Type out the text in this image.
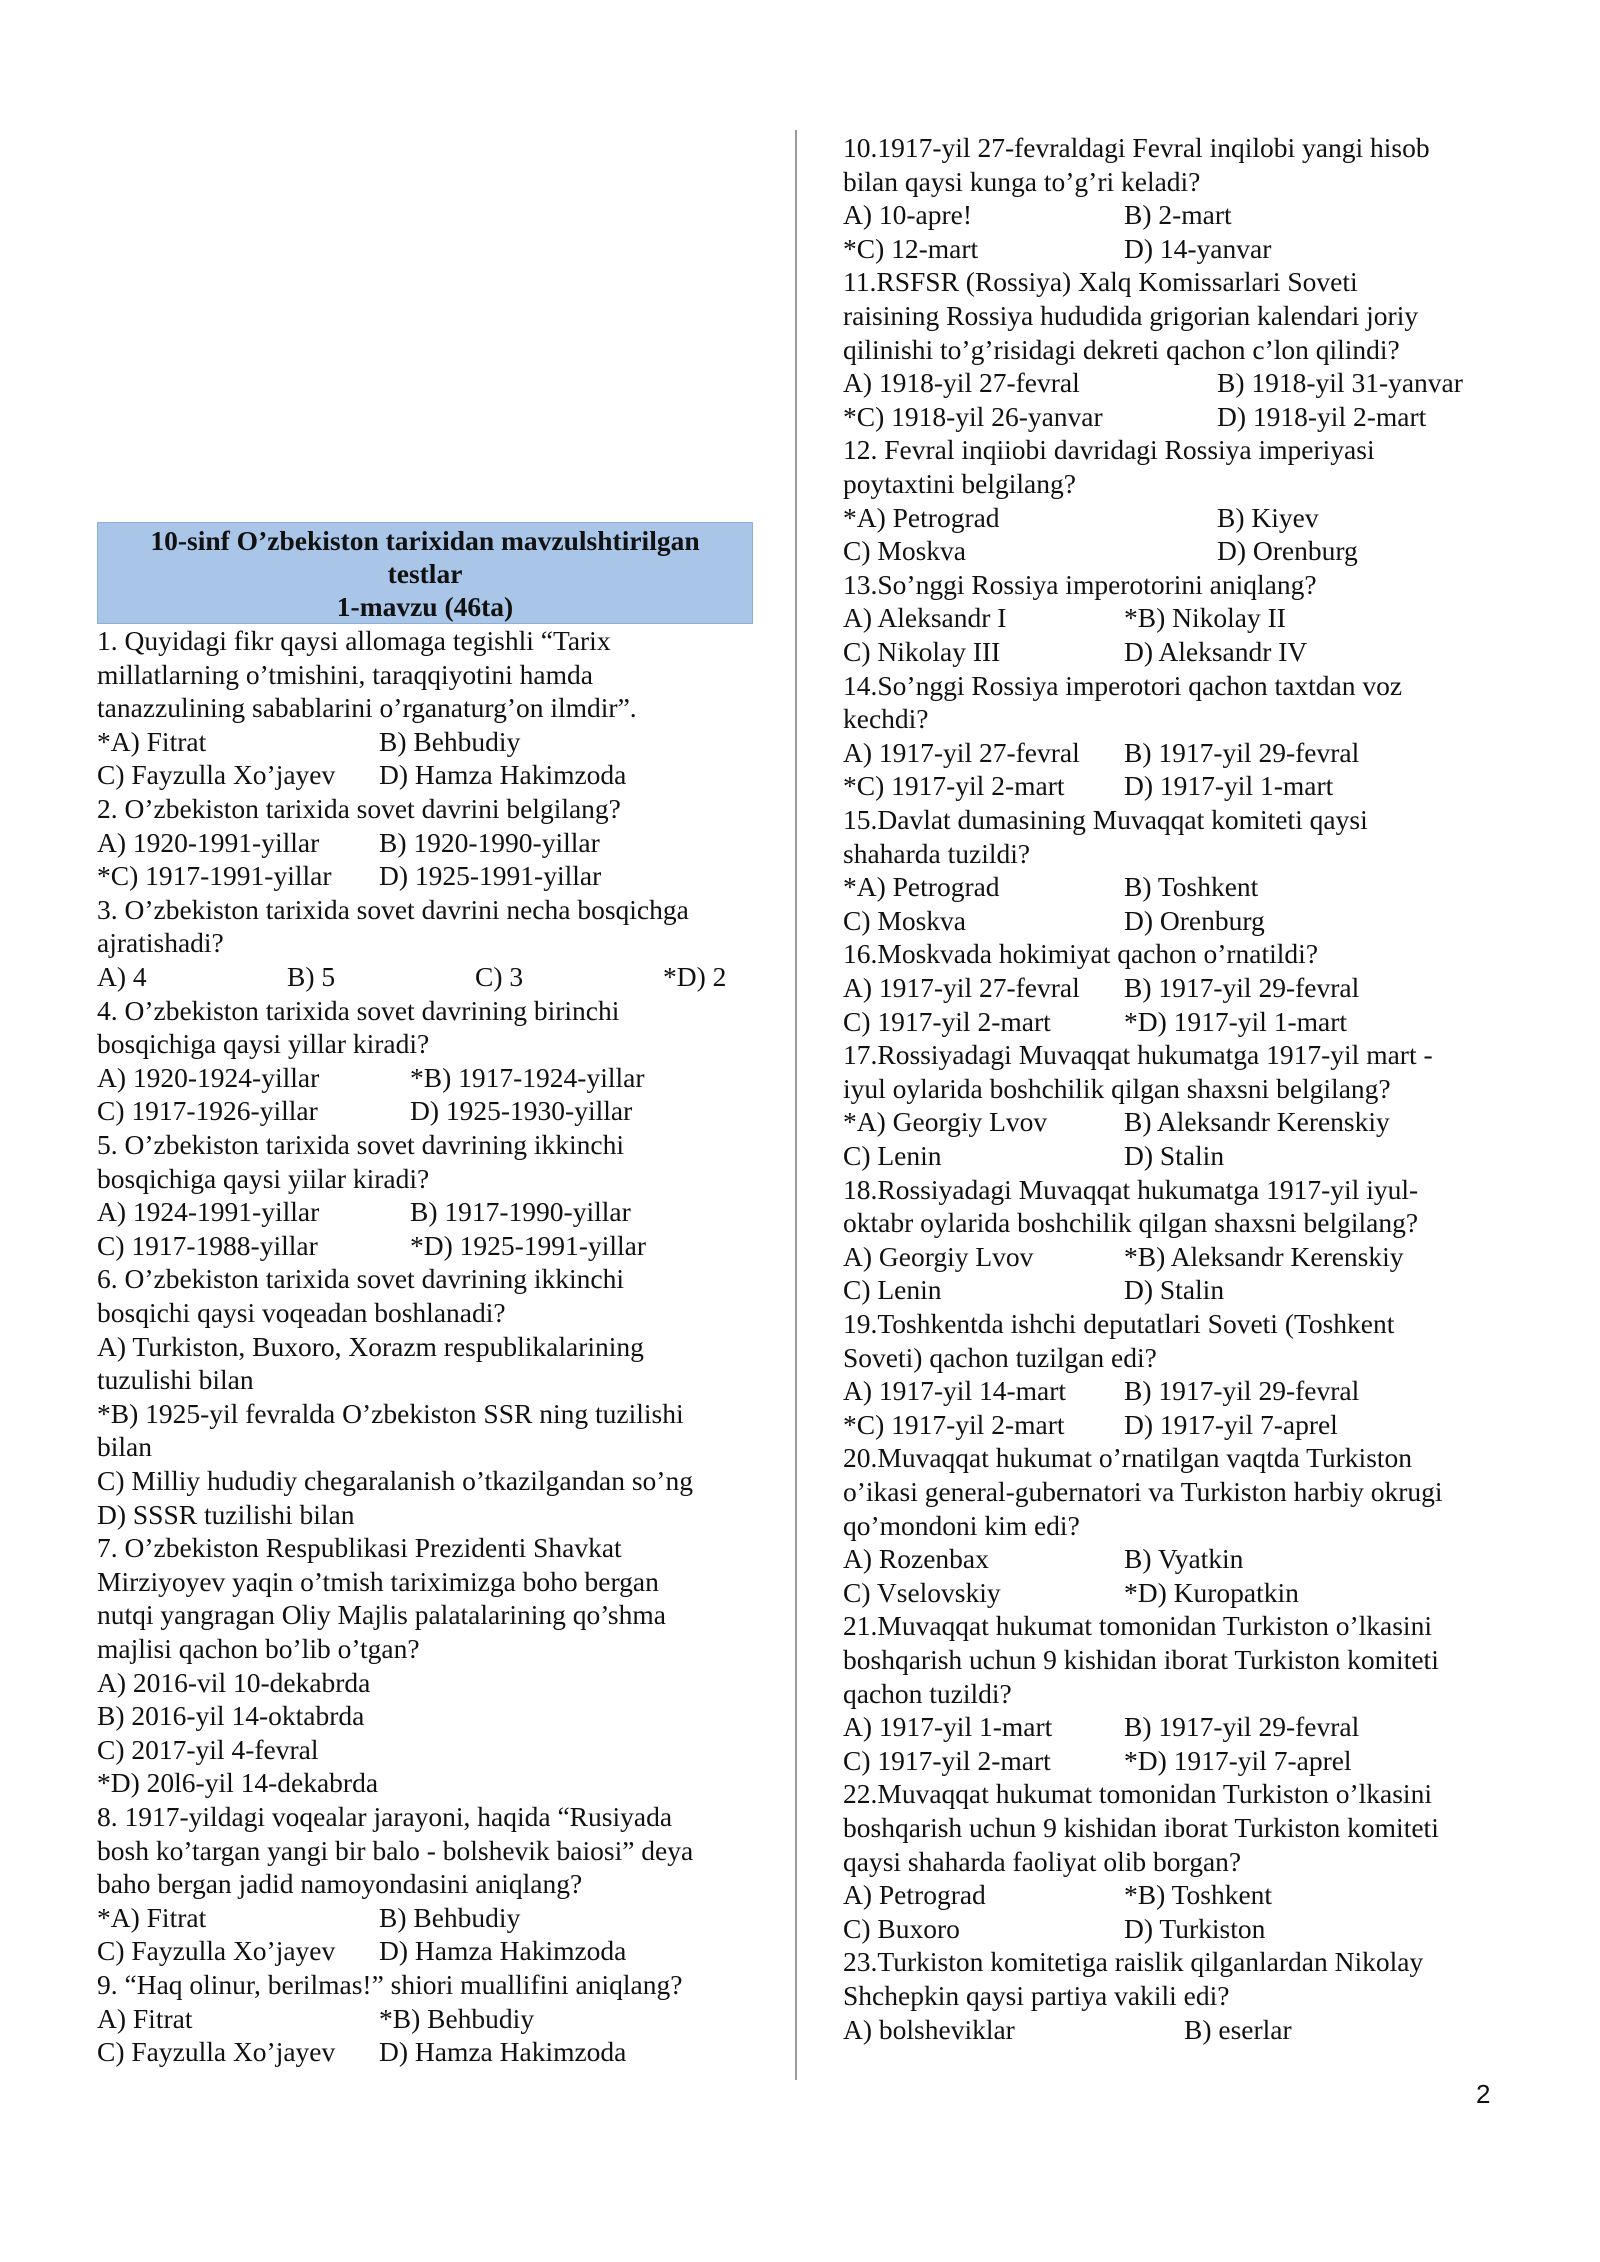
10-sinf O’zbekiston tarixidan mavzulshtirilgan
testlar
1-mavzu (46ta)
1. Quyidagi fikr qaysi allomaga tegishli “Tarix
millatlarning o’tmishini, taraqqiyotini hamda
tanazzulining sabablarini o’rganaturg’on ilmdir”.
*A) Fitrat	B) Behbudiy
C) Fayzulla Xo’jayev D) Hamza Hakimzoda
2. O’zbekiston tarixida sovet davrini belgilang?
A) 1920-1991-yillar B) 1920-1990-yillar
*C) 1917-1991-yillar D) 1925-1991-yillar
3. O’zbekiston tarixida sovet davrini necha bosqichga
ajratishadi?
A) 4	B) 5	C) 3	*D) 2
4. O’zbekiston tarixida sovet davrining birinchi
bosqichiga qaysi yillar kiradi?
A) 1920-1924-yillar	*B) 1917-1924-yillar
C) 1917-1926-yillar	D) 1925-1930-yillar
5. O’zbekiston tarixida sovet davrining ikkinchi
bosqichiga qaysi yiilar kiradi?
A) 1924-1991-yillar	B) 1917-1990-yillar
C) 1917-1988-yillar	*D) 1925-1991-yillar
6. O’zbekiston tarixida sovet davrining ikkinchi
bosqichi qaysi voqeadan boshlanadi?
A) Turkiston, Buxoro, Xorazm respublikalarining
tuzulishi bilan
*B) 1925-yil fevralda O’zbekiston SSR ning tuzilishi
bilan
C) Milliy hududiy chegaralanish o’tkazilgandan so’ng
D) SSSR tuzilishi bilan
7. O’zbekiston Respublikasi Prezidenti Shavkat
Mirziyoyev yaqin o’tmish tariximizga boho bergan
nutqi yangragan Oliy Majlis palatalarining qo’shma
majlisi qachon bo’lib o’tgan?
A) 2016-vil 10-dekabrda
B) 2016-yil 14-oktabrda
C) 2017-yil 4-fevral
*D) 20l6-yil 14-dekabrda
8. 1917-yildagi voqealar jarayoni, haqida “Rusiyada
bosh ko’targan yangi bir balo - bolshevik baiosi” deya
baho bergan jadid namoyondasini aniqlang?
*A) Fitrat	B) Behbudiy
C) Fayzulla Xo’jayev D) Hamza Hakimzoda
9. “Haq olinur, berilmas!” shiori muallifini aniqlang?
A) Fitrat	*B) Behbudiy
C) Fayzulla Xo’jayev D) Hamza Hakimzoda
10.1917-yil 27-fevraldagi Fevral inqilobi yangi hisob
bilan qaysi kunga to’g’ri keladi?
A) 10-apre!	B) 2-mart
*C) 12-mart	D) 14-yanvar
11.RSFSR (Rossiya) Xalq Komissarlari Soveti
raisining Rossiya hududida grigorian kalendari joriy
qilinishi to’g’risidagi dekreti qachon c’lon qilindi?
A) 1918-yil 27-fevral	B) 1918-yil 31-yanvar
*C) 1918-yil 26-yanvar	D) 1918-yil 2-mart
12. Fevral inqiiobi davridagi Rossiya imperiyasi
poytaxtini belgilang?
*A) Petrograd	B) Kiyev
C) Moskva	D) Orenburg
13.So’nggi Rossiya imperotorini aniqlang?
A) Aleksandr I	*B) Nikolay II
C) Nikolay III	D) Aleksandr IV
14.So’nggi Rossiya imperotori qachon taxtdan voz
kechdi?
A) 1917-yil 27-fevral B) 1917-yil 29-fevral
*C) 1917-yil 2-mart D) 1917-yil 1-mart
15.Davlat dumasining Muvaqqat komiteti qaysi
shaharda tuzildi?
*A) Petrograd	B) Toshkent
C) Moskva	D) Orenburg
16.Moskvada hokimiyat qachon o’rnatildi?
A) 1917-yil 27-fevral B) 1917-yil 29-fevral
C) 1917-yil 2-mart	*D) 1917-yil 1-mart
17.Rossiyadagi Muvaqqat hukumatga 1917-yil mart -
iyul oylarida boshchilik qilgan shaxsni belgilang?
*A) Georgiy Lvov	B) Aleksandr Kerenskiy
C) Lenin	D) Stalin
18.Rossiyadagi Muvaqqat hukumatga 1917-yil iyul-
oktabr oylarida boshchilik qilgan shaxsni belgilang?
A) Georgiy Lvov	*B) Aleksandr Kerenskiy
C) Lenin	D) Stalin
19.Toshkentda ishchi deputatlari Soveti (Toshkent
Soveti) qachon tuzilgan edi?
A) 1917-yil 14-mart B) 1917-yil 29-fevral
*C) 1917-yil 2-mart D) 1917-yil 7-aprel
20.Muvaqqat hukumat o’rnatilgan vaqtda Turkiston
o’ikasi general-gubernatori va Turkiston harbiy okrugi
qo’mondoni kim edi?
A) Rozenbax	B) Vyatkin
C) Vselovskiy	*D) Kuropatkin
21.Muvaqqat hukumat tomonidan Turkiston o’lkasini
boshqarish uchun 9 kishidan iborat Turkiston komiteti
qachon tuzildi?
A) 1917-yil 1-mart	B) 1917-yil 29-fevral
C) 1917-yil 2-mart	*D) 1917-yil 7-aprel
22.Muvaqqat hukumat tomonidan Turkiston o’lkasini
boshqarish uchun 9 kishidan iborat Turkiston komiteti
qaysi shaharda faoliyat olib borgan?
A) Petrograd	*B) Toshkent
C) Buxoro	D) Turkiston
23.Turkiston komitetiga raislik qilganlardan Nikolay
Shchepkin qaysi partiya vakili edi?
A) bolsheviklar	B) eserlar
2
